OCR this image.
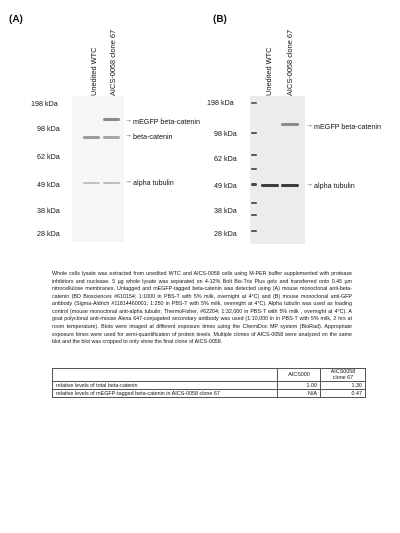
(A)
Unedited WTC AICS-0058 clone 67
198 kDa
98 kDa
62 kDa
49 kDa
38 kDa
28 kDa
→ mEGFP beta-catenin
→ beta-catenin
→ alpha tubulin
(B)
Unedited WTC AICS-0058 clone 67
198 kDa
98 kDa
62 kDa
49 kDa
38 kDa
28 kDa
→ mEGFP beta-catenin
→ alpha tubulin
Whole cells lysate was extracted from unedited WTC and AICS-0058 cells using M-PER buffer supplemented with protease inhibitors and nuclease. 5 µg whole lysate was separated on 4-12% Bolt Bis-Tris Plus gels and transferred onto 0.45 µm nitrocellulose membranes. Untagged and mEGFP-tagged beta-catenin was detected using (A) mouse monoclonal anti-beta-catenin (BD Biosciences #610154; 1:1000 in PBS-T with 5% milk, overnight at 4°C) and (B) mouse monoclonal anti-GFP antibody (Sigma-Aldrich #11814460001; 1:250 in PBS-T with 5% milk, overnight at 4°C). Alpha tubulin was used as loading control (mouse monoclonal anti-alpha tubulin; ThermoFisher, #62204; 1:32,000 in PBS-T with 5% milk , overnight at 4°C). A goat polyclonal anti-mouse Alexa 647-conjugated secondary antibody was used (1:10,000 in in PBS-T with 5% milk, 2 hrs at room temperature). Blots were imaged at different exposure times using the ChemiDoc MP system (BioRad). Appropriate exposure times were used for semi-quantification of protein levels. Multiple clones of AICS-0058 were analyzed on the same blot and the blot was cropped to only show the final clone of AICS-0058.
	AICS000	AICS0058 clone 67
relative levels of total beta-catenin	1.00	1.30
relative levels of mEGFP-tagged beta-catenin in AICS-0058 clone 67	N/A	0.47
